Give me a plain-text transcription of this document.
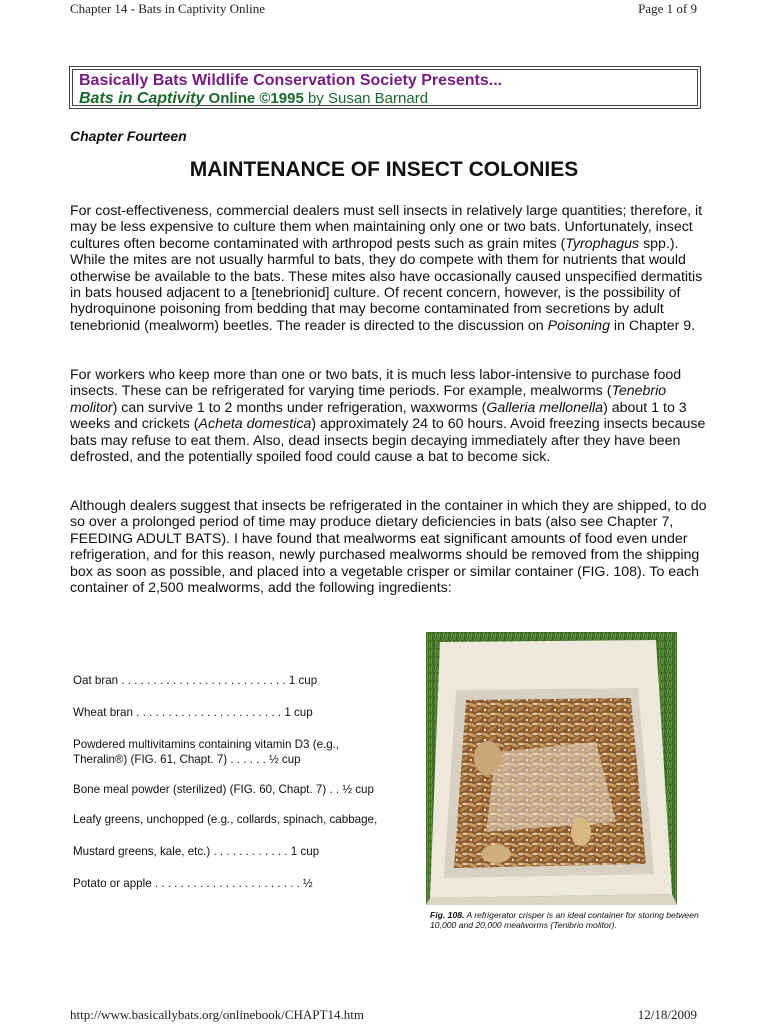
Chapter 14 - Bats in Captivity Online	Page 1 of 9
Basically Bats Wildlife Conservation Society Presents...
Bats in Captivity Online ©1995 by Susan Barnard
Chapter Fourteen
MAINTENANCE OF INSECT COLONIES

For cost-effectiveness, commercial dealers must sell insects in relatively large quantities; therefore, it may be less expensive to culture them when maintaining only one or two bats. Unfortunately, insect cultures often become contaminated with arthropod pests such as grain mites (Tyrophagus spp.). While the mites are not usually harmful to bats, they do compete with them for nutrients that would otherwise be available to the bats. These mites also have occasionally caused unspecified dermatitis in bats housed adjacent to a [tenebrionid] culture. Of recent concern, however, is the possibility of hydroquinone poisoning from bedding that may become contaminated from secretions by adult tenebrionid (mealworm) beetles. The reader is directed to the discussion on Poisoning in Chapter 9.

For workers who keep more than one or two bats, it is much less labor-intensive to purchase food insects. These can be refrigerated for varying time periods. For example, mealworms (Tenebrio molitor) can survive 1 to 2 months under refrigeration, waxworms (Galleria mellonella) about 1 to 3 weeks and crickets (Acheta domestica) approximately 24 to 60 hours. Avoid freezing insects because bats may refuse to eat them. Also, dead insects begin decaying immediately after they have been defrosted, and the potentially spoiled food could cause a bat to become sick.

Although dealers suggest that insects be refrigerated in the container in which they are shipped, to do so over a prolonged period of time may produce dietary deficiencies in bats (also see Chapter 7, FEEDING ADULT BATS). I have found that mealworms eat significant amounts of food even under refrigeration, and for this reason, newly purchased mealworms should be removed from the shipping box as soon as possible, and placed into a vegetable crisper or similar container (FIG. 108). To each container of 2,500 mealworms, add the following ingredients:

Oat bran . . . . . . . . . . . . . . . . . . . . . . . . . . 1 cup
Wheat bran . . . . . . . . . . . . . . . . . . . . . . . 1 cup
Powdered multivitamins containing vitamin D3 (e.g.,
Theralin®) (FIG. 61, Chapt. 7) . . . . . . ½ cup
Bone meal powder (sterilized) (FIG. 60, Chapt. 7) . . ½ cup
Leafy greens, unchopped (e.g., collards, spinach, cabbage,
Mustard greens, kale, etc.) . . . . . . . . . . . . 1 cup
Potato or apple . . . . . . . . . . . . . . . . . . . . . . . ½
Fig. 108. A refrigerator crisper is an ideal container for storing between 10,000 and 20,000 mealworms (Tenibrio molitor).
http://www.basicallybats.org/onlinebook/CHAPT14.htm	12/18/2009
